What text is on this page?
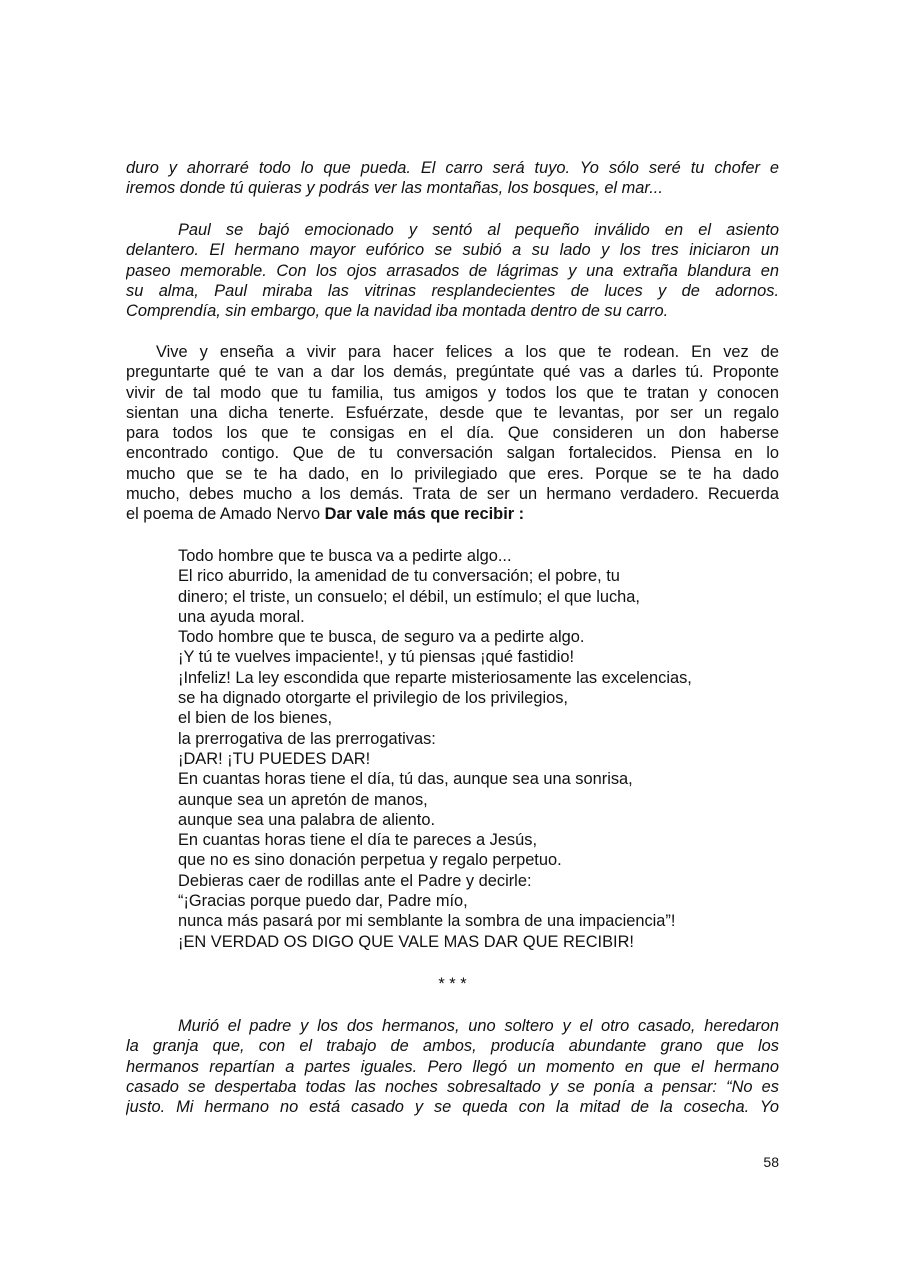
duro y ahorraré todo lo que pueda. El carro será tuyo. Yo sólo seré tu chofer e
iremos donde tú quieras y podrás ver las montañas, los bosques, el mar...
Paul se bajó emocionado y sentó al pequeño inválido en el asiento
delantero. El hermano mayor eufórico se subió a su lado y los tres iniciaron un
paseo memorable. Con los ojos arrasados de lágrimas y una extraña blandura en
su alma, Paul miraba las vitrinas resplandecientes de luces y de adornos.
Comprendía, sin embargo, que la navidad iba montada dentro de su carro.
Vive y enseña a vivir para hacer felices a los que te rodean. En vez de
preguntarte qué te van a dar los demás, pregúntate qué vas a darles tú. Proponte
vivir de tal modo que tu familia, tus amigos y todos los que te tratan y conocen
sientan una dicha tenerte. Esfuérzate, desde que te levantas, por ser un regalo
para todos los que te consigas en el día. Que consideren un don haberse
encontrado contigo. Que de tu conversación salgan fortalecidos. Piensa en lo
mucho que se te ha dado, en lo privilegiado que eres. Porque se te ha dado
mucho, debes mucho a los demás. Trata de ser un hermano verdadero. Recuerda
el poema de Amado Nervo Dar vale más que recibir :
Todo hombre que te busca va a pedirte algo...
El rico aburrido, la amenidad de tu conversación; el pobre, tu
dinero; el triste, un consuelo; el débil, un estímulo; el que lucha,
una ayuda moral.
Todo hombre que te busca, de seguro va a pedirte algo.
¡Y tú te vuelves impaciente!, y tú piensas ¡qué fastidio!
¡Infeliz! La ley escondida que reparte misteriosamente las excelencias,
se ha dignado otorgarte el privilegio de los privilegios,
el bien de los bienes,
la prerrogativa de las prerrogativas:
¡DAR! ¡TU PUEDES DAR!
En cuantas horas tiene el día, tú das, aunque sea una sonrisa,
aunque sea un apretón de manos,
aunque sea una palabra de aliento.
En cuantas horas tiene el día te pareces a Jesús,
que no es sino donación perpetua y regalo perpetuo.
Debieras caer de rodillas ante el Padre y decirle:
“¡Gracias porque puedo dar, Padre mío,
nunca más pasará por mi semblante la sombra de una impaciencia”!
¡EN VERDAD OS DIGO QUE VALE MAS DAR QUE RECIBIR!
* * *
Murió el padre y los dos hermanos, uno soltero y el otro casado, heredaron
la granja que, con el trabajo de ambos, producía abundante grano que los
hermanos repartían a partes iguales. Pero llegó un momento en que el hermano
casado se despertaba todas las noches sobresaltado y se ponía a pensar: “No es
justo. Mi hermano no está casado y se queda con la mitad de la cosecha. Yo
58
